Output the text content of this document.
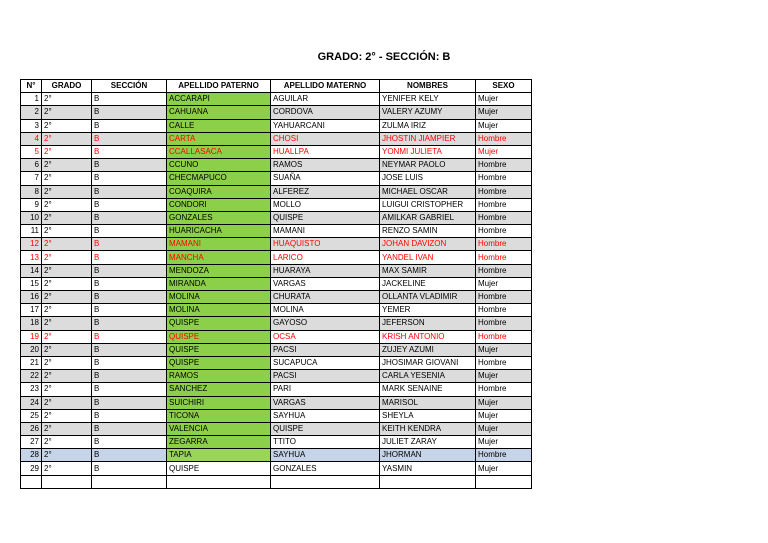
GRADO: 2° - SECCIÓN: B
N°	GRADO	SECCIÓN	APELLIDO PATERNO	APELLIDO MATERNO	NOMBRES	SEXO
1	2°	B	ACCARAPI	AGUILAR	YENIFER KELY	Mujer
2	2°	B	CAHUANA	CORDOVA	VALERY AZUMY	Mujer
3	2°	B	CALLE	YAHUARCANI	ZULMA IRIZ	Mujer
4	2°	B	CARTA	CHOSI	JHOSTIN JIAMPIER	Hombre
5	2°	B	CCALLASACA	HUALLPA	YONMI JULIETA	Mujer
6	2°	B	CCUNO	RAMOS	NEYMAR PAOLO	Hombre
7	2°	B	CHECMAPUCO	SUAÑA	JOSE LUIS	Hombre
8	2°	B	COAQUIRA	ALFEREZ	MICHAEL OSCAR	Hombre
9	2°	B	CONDORI	MOLLO	LUIGUI CRISTOPHER	Hombre
10	2°	B	GONZALES	QUISPE	AMILKAR GABRIEL	Hombre
11	2°	B	HUARICACHA	MAMANI	RENZO SAMIN	Hombre
12	2°	B	MAMANI	HUAQUISTO	JOHAN DAVIZON	Hombre
13	2°	B	MANCHA	LARICO	YANDEL IVAN	Hombre
14	2°	B	MENDOZA	HUARAYA	MAX SAMIR	Hombre
15	2°	B	MIRANDA	VARGAS	JACKELINE	Mujer
16	2°	B	MOLINA	CHURATA	OLLANTA VLADIMIR	Hombre
17	2°	B	MOLINA	MOLINA	YEMER	Hombre
18	2°	B	QUISPE	GAYOSO	JEFERSON	Hombre
19	2°	B	QUISPE	OCSA	KRISH ANTONIO	Hombre
20	2°	B	QUISPE	PACSI	ZUJEY AZUMI	Mujer
21	2°	B	QUISPE	SUCAPUCA	JHOSIMAR GIOVANI	Hombre
22	2°	B	RAMOS	PACSI	CARLA YESENIA	Mujer
23	2°	B	SANCHEZ	PARI	MARK SENAINE	Hombre
24	2°	B	SUICHIRI	VARGAS	MARISOL	Mujer
25	2°	B	TICONA	SAYHUA	SHEYLA	Mujer
26	2°	B	VALENCIA	QUISPE	KEITH KENDRA	Mujer
27	2°	B	ZEGARRA	TTITO	JULIET ZARAY	Mujer
28	2°	B	TAPIA	SAYHUA	JHORMAN	Hombre
29	2°	B	QUISPE	GONZALES	YASMIN	Mujer
